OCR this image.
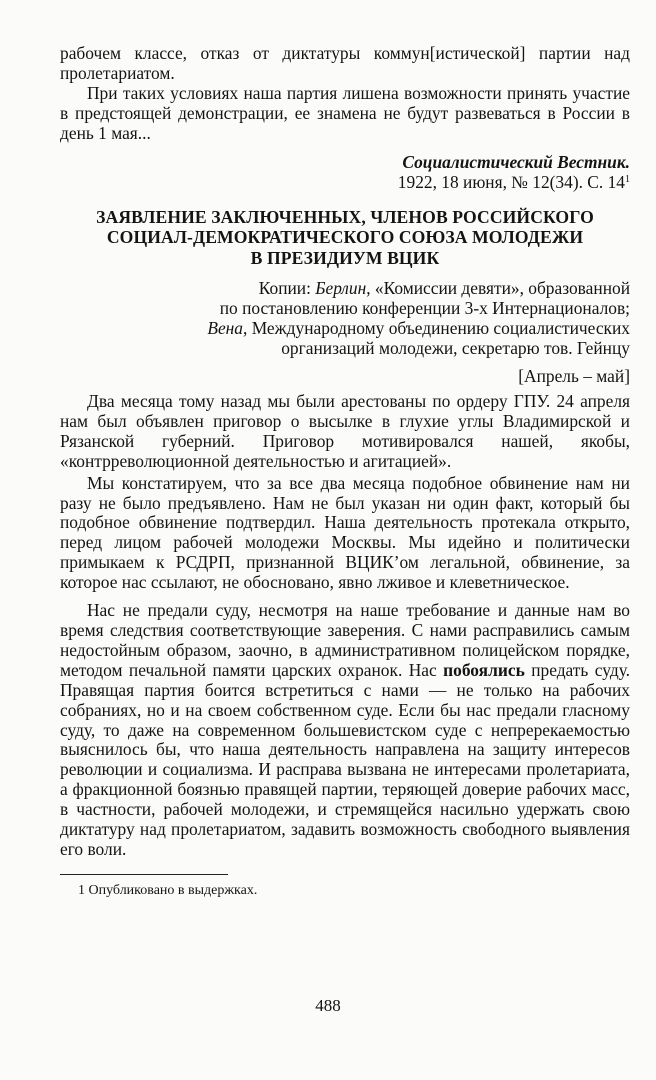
рабочем классе, отказ от диктатуры коммун[истической] партии над пролетариатом.

При таких условиях наша партия лишена возможности принять участие в предстоящей демонстрации, ее знамена не будут развеваться в России в день 1 мая...

Социалистический Вестник.
1922, 18 июня, № 12(34). С. $14^1$
ЗАЯВЛЕНИЕ ЗАКЛЮЧЕННЫХ, ЧЛЕНОВ РОССИЙСКОГО
СОЦИАЛ-ДЕМОКРАТИЧЕСКОГО СОЮЗА МОЛОДЕЖИ
В ПРЕЗИДИУМ ВЦИК
Копии: Берлин, «Комиссии девяти», образованной
по постановлению конференции 3-х Интернационалов;
Вена, Международному объединению социалистических
организаций молодежи, секретарю тов. Гейнцу
[Апрель – май]

Два месяца тому назад мы были арестованы по ордеру ГПУ. 24 апреля нам был объявлен приговор о высылке в глухие углы Владимирской и Рязанской губерний. Приговор мотивировался нашей, якобы, «контрреволюционной деятельностью и агитацией».

Мы констатируем, что за все два месяца подобное обвинение нам ни разу не было предъявлено. Нам не был указан ни один факт, который бы подобное обвинение подтвердил. Наша деятельность протекала открыто, перед лицом рабочей молодежи Москвы. Мы идейно и политически примыкаем к РСДРП, признанной ВЦИК’ом легальной, обвинение, за которое нас ссылают, не обосновано, явно лживое и клеветническое.

Нас не предали суду, несмотря на наше требование и данные нам во время следствия соответствующие заверения. С нами расправились самым недостойным образом, заочно, в административном полицейском порядке, методом печальной памяти царских охранок. Нас побоялись предать суду. Правящая партия боится встретиться с нами — не только на рабочих собраниях, но и на своем собственном суде. Если бы нас предали гласному суду, то даже на современном большевистском суде с непререкаемостью выяснилось бы, что наша деятельность направлена на защиту интересов революции и социализма. И расправа вызвана не интересами пролетариата, а фракционной боязнью правящей партии, теряющей доверие рабочих масс, в частности, рабочей молодежи, и стремящейся насильно удержать свою диктатуру над пролетариатом, задавить возможность свободного выявления его воли.

1 Опубликовано в выдержках.

488
